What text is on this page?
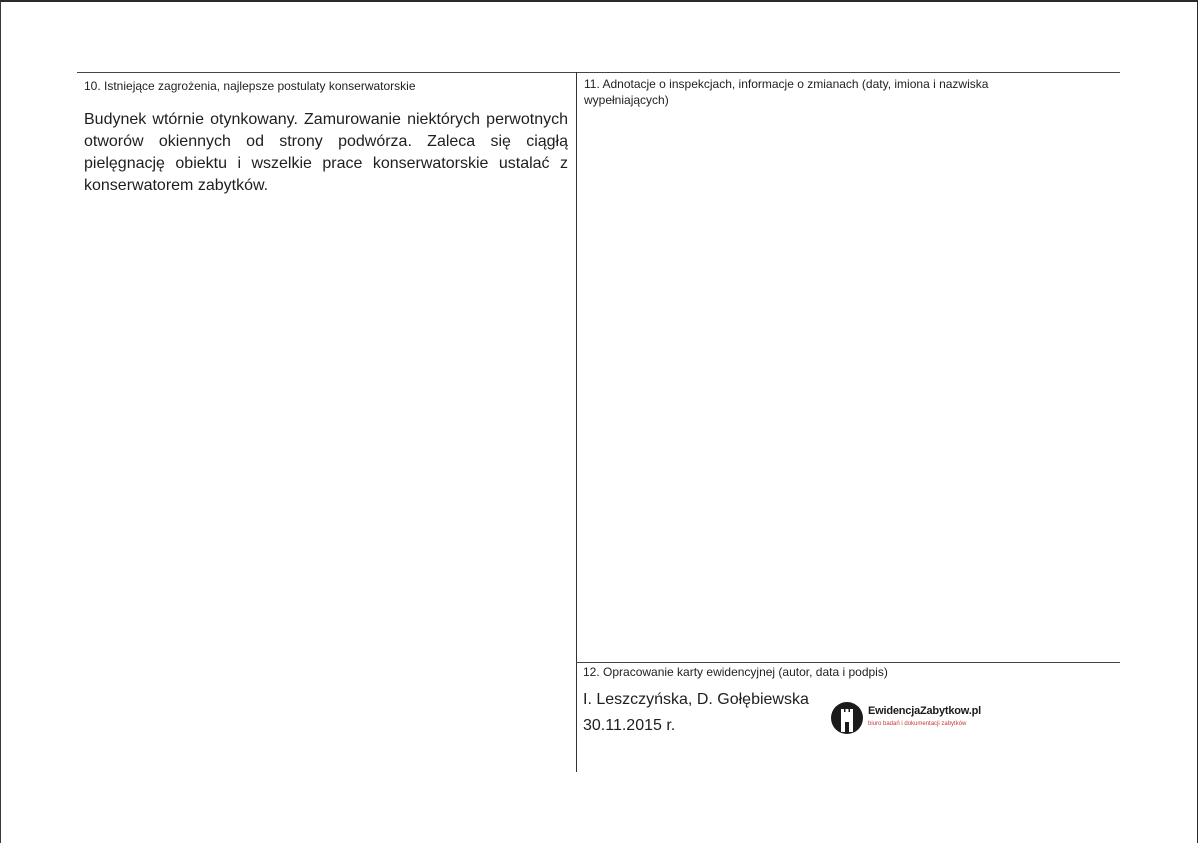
10. Istniejące zagrożenia, najlepsze postulaty konserwatorskie
Budynek wtórnie otynkowany. Zamurowanie niektórych perwotnych otworów okiennych od strony podwórza. Zaleca się ciągłą pielęgnację obiektu i wszelkie prace konserwatorskie ustalać z konserwatorem zabytków.
11. Adnotacje o inspekcjach, informacje o zmianach (daty, imiona i nazwiska wypełniających)
12. Opracowanie karty ewidencyjnej (autor, data i podpis)
I. Leszczyńska, D. Gołębiewska
30.11.2015 r.
EwidencjaZabytkow.pl
biuro badań i dokumentacji zabytków
